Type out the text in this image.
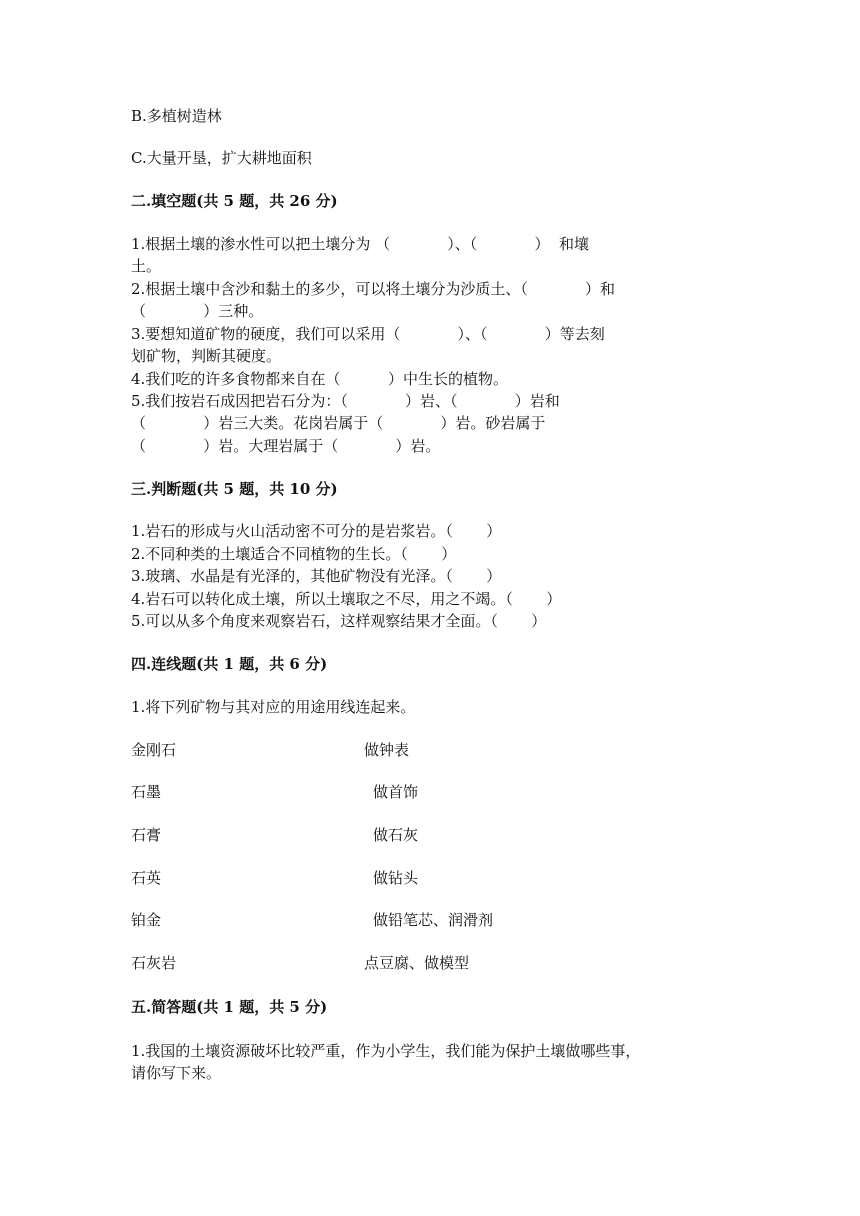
B.多植树造林
C.大量开垦，扩大耕地面积
二.填空题(共 5 题，共 26 分)
1.根据土壤的渗水性可以把土壤分为 （            ）、（            ）  和壤
土。
2.根据土壤中含沙和黏土的多少，可以将土壤分为沙质土、（            ）和
（            ）三种。
3.要想知道矿物的硬度，我们可以采用（            ）、（            ）等去刻
划矿物，判断其硬度。
4.我们吃的许多食物都来自在（          ）中生长的植物。
5.我们按岩石成因把岩石分为：（            ）岩、（            ）岩和
（            ）岩三大类。花岗岩属于（            ）岩。砂岩属于
（            ）岩。大理岩属于（            ）岩。
三.判断题(共 5 题，共 10 分)
1.岩石的形成与火山活动密不可分的是岩浆岩。（       ）
2.不同种类的土壤适合不同植物的生长。（       ）
3.玻璃、水晶是有光泽的，其他矿物没有光泽。（       ）
4.岩石可以转化成土壤，所以土壤取之不尽，用之不竭。（       ）
5.可以从多个角度来观察岩石，这样观察结果才全面。（       ）
四.连线题(共 1 题，共 6 分)
1.将下列矿物与其对应的用途用线连起来。
金刚石	做钟表
石墨	做首饰
石膏	做石灰
石英	做钻头
铂金	做铅笔芯、润滑剂
石灰岩	点豆腐、做模型
五.简答题(共 1 题，共 5 分)
1.我国的土壤资源破坏比较严重，作为小学生，我们能为保护土壤做哪些事，
请你写下来。
